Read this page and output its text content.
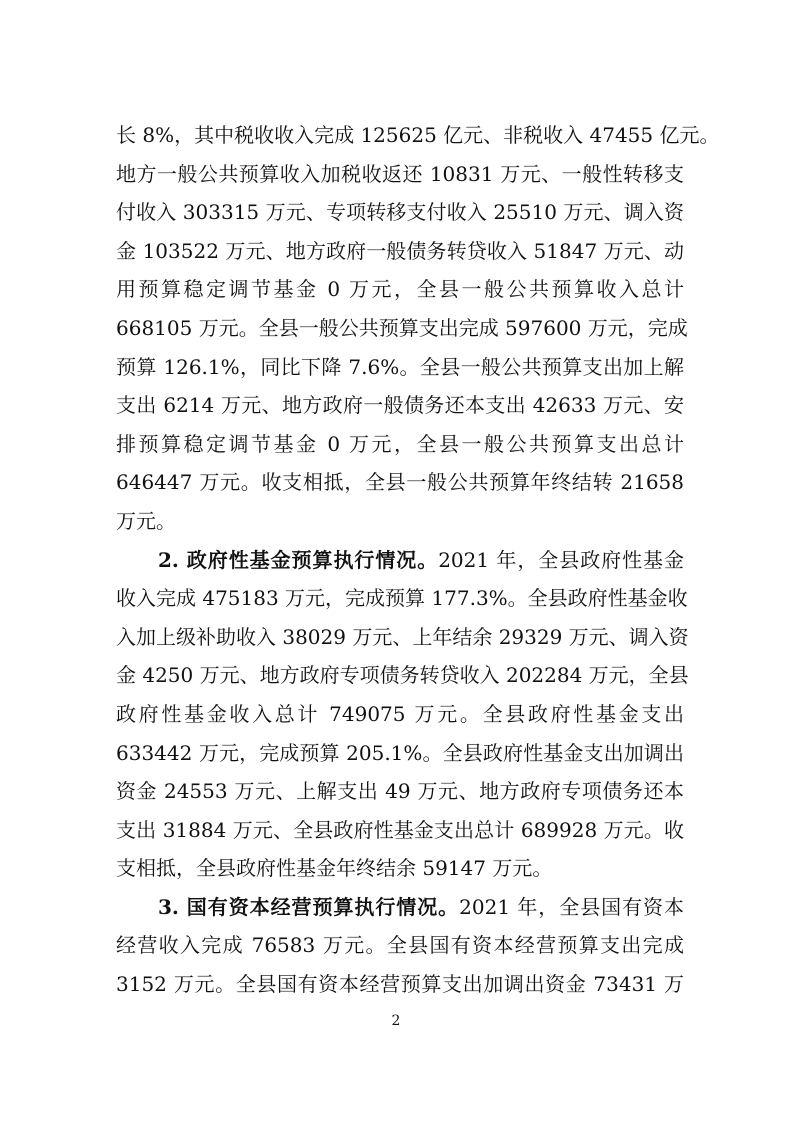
长 8%，其中税收收入完成 125625 亿元、非税收入 47455 亿元。
地方一般公共预算收入加税收返还 10831 万元、一般性转移支
付收入 303315 万元、专项转移支付收入 25510 万元、调入资
金 103522 万元、地方政府一般债务转贷收入 51847 万元、动
用预算稳定调节基金 0 万元，全县一般公共预算收入总计
668105 万元。全县一般公共预算支出完成 597600 万元，完成
预算 126.1%，同比下降 7.6%。全县一般公共预算支出加上解
支出 6214 万元、地方政府一般债务还本支出 42633 万元、安
排预算稳定调节基金 0 万元，全县一般公共预算支出总计
646447 万元。收支相抵，全县一般公共预算年终结转 21658
万元。
2. 政府性基金预算执行情况。2021 年，全县政府性基金
收入完成 475183 万元，完成预算 177.3%。全县政府性基金收
入加上级补助收入 38029 万元、上年结余 29329 万元、调入资
金 4250 万元、地方政府专项债务转贷收入 202284 万元，全县
政府性基金收入总计 749075 万元。全县政府性基金支出
633442 万元，完成预算 205.1%。全县政府性基金支出加调出
资金 24553 万元、上解支出 49 万元、地方政府专项债务还本
支出 31884 万元、全县政府性基金支出总计 689928 万元。收
支相抵，全县政府性基金年终结余 59147 万元。
3. 国有资本经营预算执行情况。2021 年，全县国有资本
经营收入完成 76583 万元。全县国有资本经营预算支出完成
3152 万元。全县国有资本经营预算支出加调出资金 73431 万
2
